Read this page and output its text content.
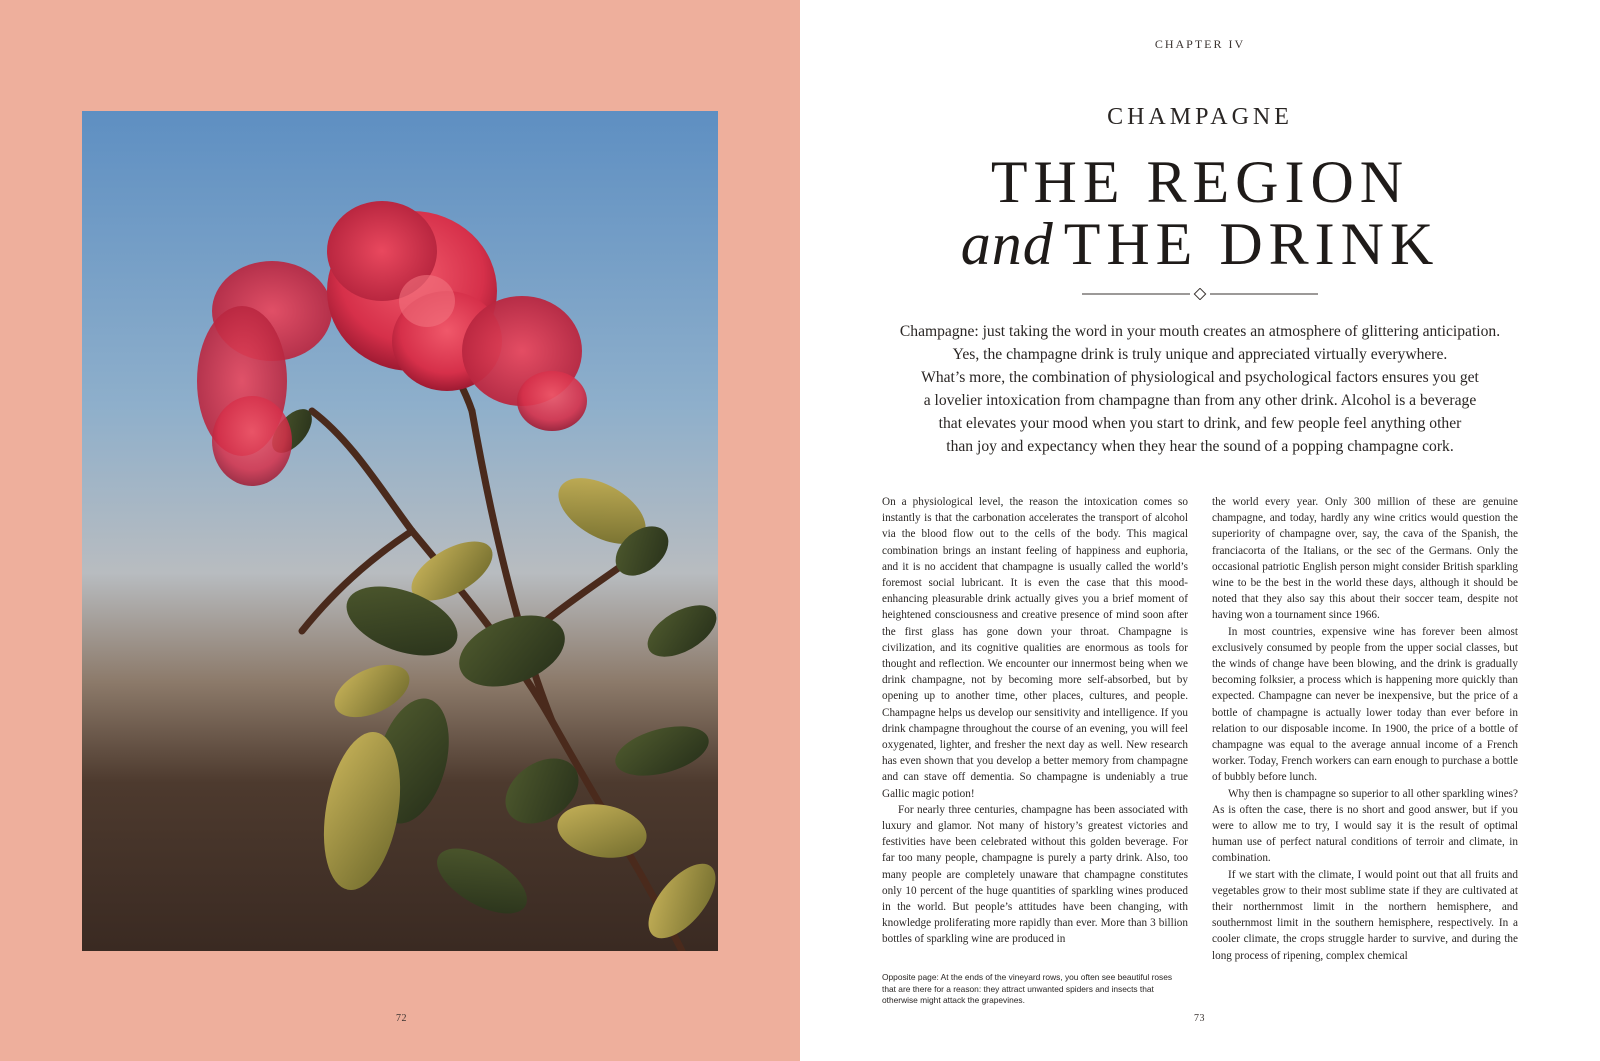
72
CHAPTER IV
CHAMPAGNE
THE REGION
and THE DRINK
Champagne: just taking the word in your mouth creates an atmosphere of glittering anticipation.
Yes, the champagne drink is truly unique and appreciated virtually everywhere.
What’s more, the combination of physiological and psychological factors ensures you get
a lovelier intoxication from champagne than from any other drink. Alcohol is a beverage
that elevates your mood when you start to drink, and few people feel anything other
than joy and expectancy when they hear the sound of a popping champagne cork.

On a physiological level, the reason the intoxication comes so instantly is that the carbonation accelerates the transport of alcohol via the blood flow out to the cells of the body. This magical combination brings an instant feeling of happiness and euphoria, and it is no accident that champagne is usually called the world’s foremost social lubricant. It is even the case that this mood-enhancing pleasurable drink actually gives you a brief moment of heightened consciousness and creative presence of mind soon after the first glass has gone down your throat. Champagne is civilization, and its cognitive qualities are enormous as tools for thought and reflection. We encounter our innermost being when we drink champagne, not by becoming more self-absorbed, but by opening up to another time, other places, cultures, and people. Champagne helps us develop our sensitivity and intelligence. If you drink champagne throughout the course of an evening, you will feel oxygenated, lighter, and fresher the next day as well. New research has even shown that you develop a better memory from champagne and can stave off dementia. So champagne is undeniably a true Gallic magic potion!

For nearly three centuries, champagne has been associated with luxury and glamor. Not many of history’s greatest victories and festivities have been celebrated without this golden beverage. For far too many people, champagne is purely a party drink. Also, too many people are completely unaware that champagne constitutes only 10 percent of the huge quantities of sparkling wines produced in the world. But people’s attitudes have been changing, with knowledge proliferating more rapidly than ever. More than 3 billion bottles of sparkling wine are produced in

the world every year. Only 300 million of these are genuine champagne, and today, hardly any wine critics would question the superiority of champagne over, say, the cava of the Spanish, the franciacorta of the Italians, or the sec of the Germans. Only the occasional patriotic English person might consider British sparkling wine to be the best in the world these days, although it should be noted that they also say this about their soccer team, despite not having won a tournament since 1966.

In most countries, expensive wine has forever been almost exclusively consumed by people from the upper social classes, but the winds of change have been blowing, and the drink is gradually becoming folksier, a process which is happening more quickly than expected. Champagne can never be inexpensive, but the price of a bottle of champagne is actually lower today than ever before in relation to our disposable income. In 1900, the price of a bottle of champagne was equal to the average annual income of a French worker. Today, French workers can earn enough to purchase a bottle of bubbly before lunch.

Why then is champagne so superior to all other sparkling wines? As is often the case, there is no short and good answer, but if you were to allow me to try, I would say it is the result of optimal human use of perfect natural conditions of terroir and climate, in combination.

If we start with the climate, I would point out that all fruits and vegetables grow to their most sublime state if they are cultivated at their northernmost limit in the northern hemisphere, and southernmost limit in the southern hemisphere, respectively. In a cooler climate, the crops struggle harder to survive, and during the long process of ripening, complex chemical

Opposite page: At the ends of the vineyard rows, you often see beautiful roses that are there for a reason: they attract unwanted spiders and insects that otherwise might attack the grapevines.
73
